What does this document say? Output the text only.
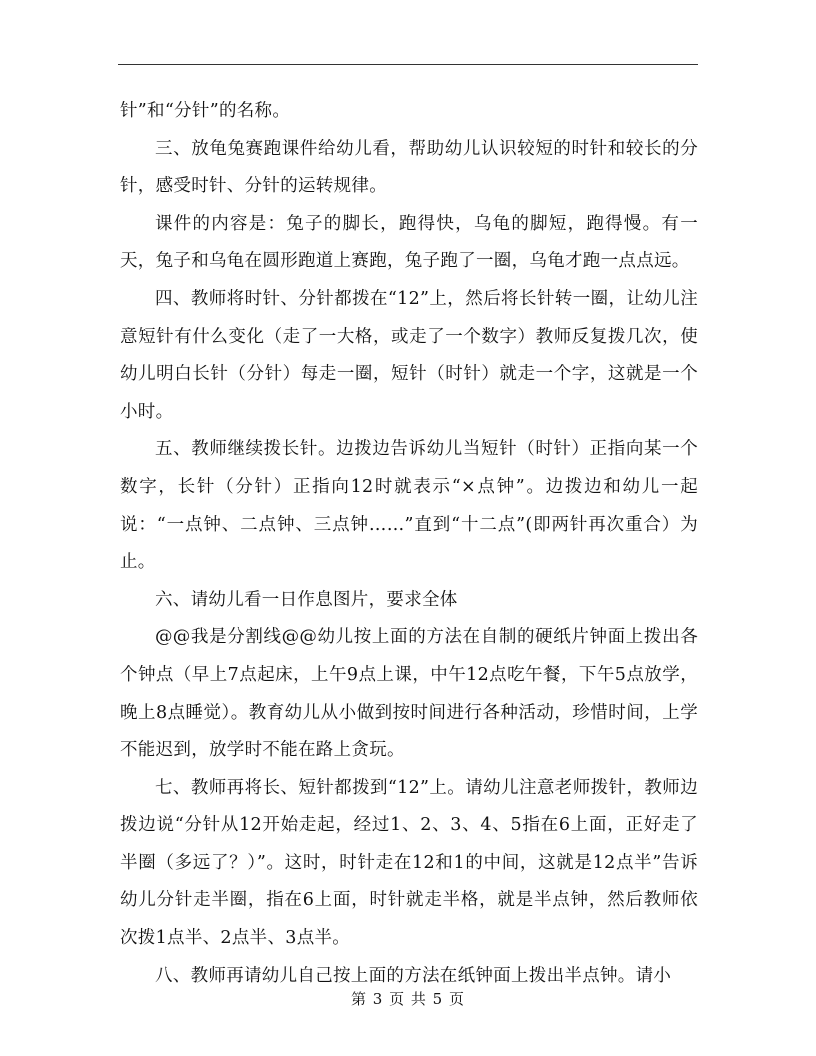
针”和“分针”的名称。

三、放龟兔赛跑课件给幼儿看，帮助幼儿认识较短的时针和较长的分针，感受时针、分针的运转规律。

课件的内容是：兔子的脚长，跑得快，乌龟的脚短，跑得慢。有一天，兔子和乌龟在圆形跑道上赛跑，兔子跑了一圈，乌龟才跑一点点远。

四、教师将时针、分针都拨在“12”上，然后将长针转一圈，让幼儿注意短针有什么变化（走了一大格，或走了一个数字）教师反复拨几次，使幼儿明白长针（分针）每走一圈，短针（时针）就走一个字，这就是一个小时。

五、教师继续拨长针。边拨边告诉幼儿当短针（时针）正指向某一个数字，长针（分针）正指向12时就表示“×点钟”。边拨边和幼儿一起说：“一点钟、二点钟、三点钟……”直到“十二点”(即两针再次重合）为止。

六、请幼儿看一日作息图片，要求全体

@@我是分割线@@幼儿按上面的方法在自制的硬纸片钟面上拨出各个钟点（早上7点起床，上午9点上课，中午12点吃午餐，下午5点放学，晚上8点睡觉）。教育幼儿从小做到按时间进行各种活动，珍惜时间，上学不能迟到，放学时不能在路上贪玩。

七、教师再将长、短针都拨到“12”上。请幼儿注意老师拨针，教师边拨边说“分针从12开始走起，经过1、2、3、4、5指在6上面，正好走了半圈（多远了？）”。这时，时针走在12和1的中间，这就是12点半”告诉幼儿分针走半圈，指在6上面，时针就走半格，就是半点钟，然后教师依次拨1点半、2点半、3点半。

八、教师再请幼儿自己按上面的方法在纸钟面上拨出半点钟。请小

第 3 页 共 5 页
